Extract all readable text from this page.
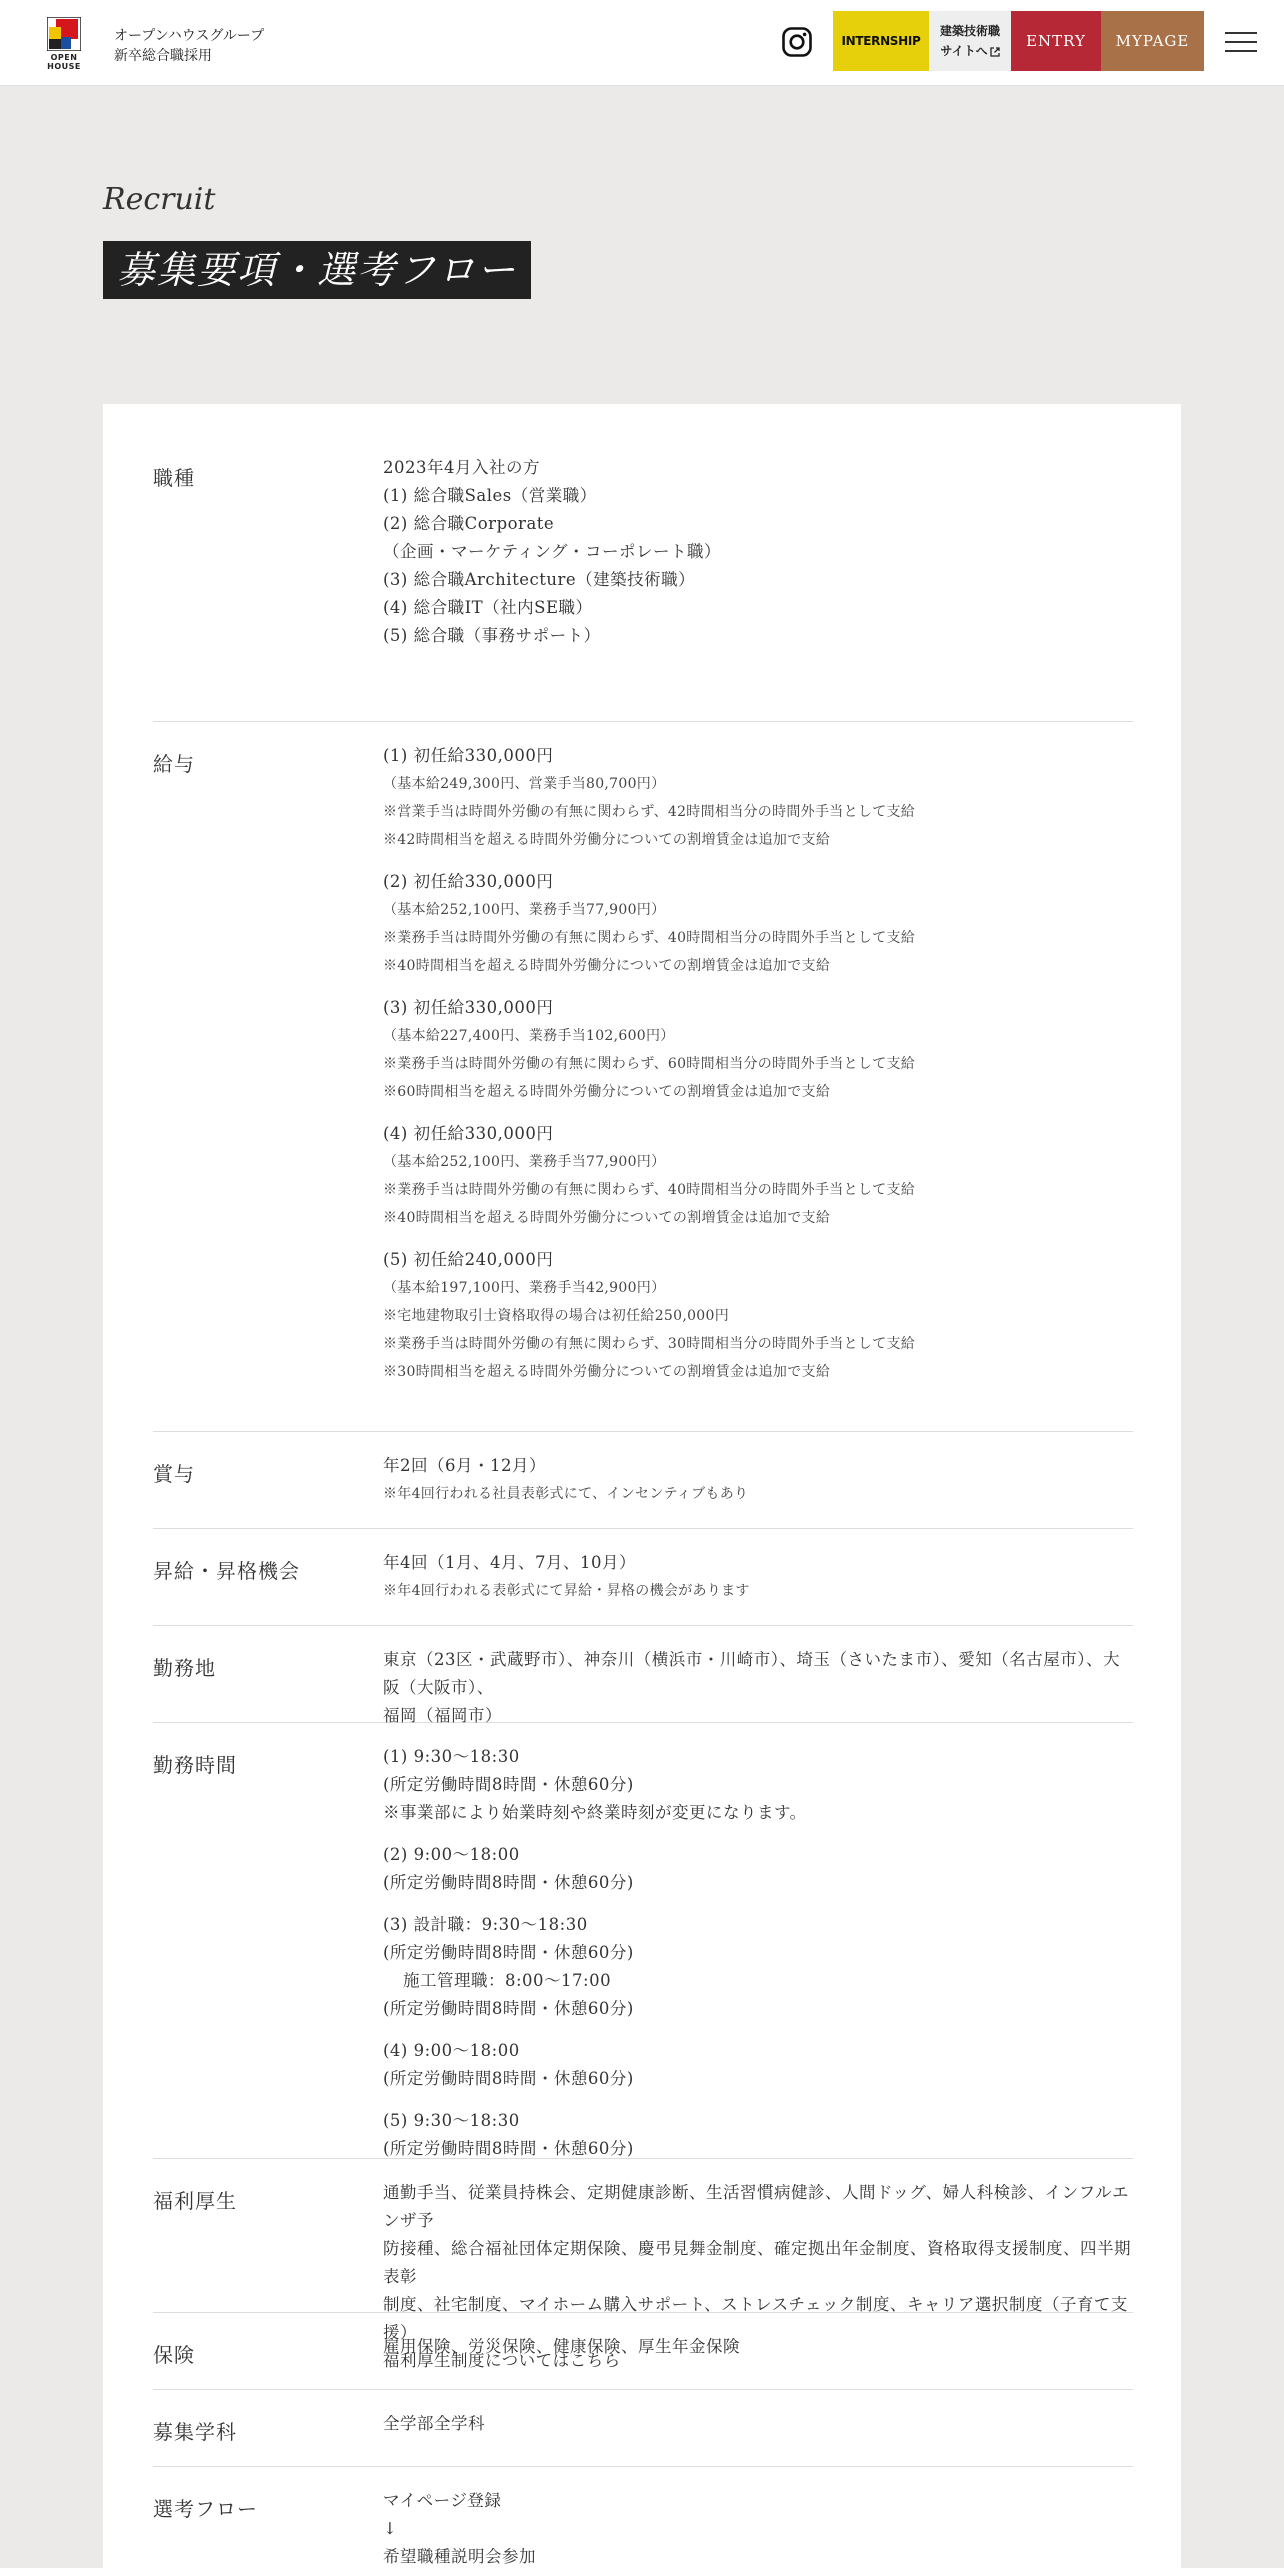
OPEN
HOUSE
オープンハウスグループ
新卒総合職採用
INTERNSHIP
建築技術職
サイトへ
ENTRY	MYPAGE
Recruit
募集要項・選考フロー
職種	2023年4月入社の方
(1) 総合職Sales（営業職）
(2) 総合職Corporate
（企画・マーケティング・コーポレート職）
(3) 総合職Architecture（建築技術職）
(4) 総合職IT（社内SE職）
(5) 総合職（事務サポート）
給与	(1) 初任給330,000円
（基本給249,300円、営業手当80,700円）
※営業手当は時間外労働の有無に関わらず、42時間相当分の時間外手当として支給
※42時間相当を超える時間外労働分についての割増賃金は追加で支給
(2) 初任給330,000円
（基本給252,100円、業務手当77,900円）
※業務手当は時間外労働の有無に関わらず、40時間相当分の時間外手当として支給
※40時間相当を超える時間外労働分についての割増賃金は追加で支給
(3) 初任給330,000円
（基本給227,400円、業務手当102,600円）
※業務手当は時間外労働の有無に関わらず、60時間相当分の時間外手当として支給
※60時間相当を超える時間外労働分についての割増賃金は追加で支給
(4) 初任給330,000円
（基本給252,100円、業務手当77,900円）
※業務手当は時間外労働の有無に関わらず、40時間相当分の時間外手当として支給
※40時間相当を超える時間外労働分についての割増賃金は追加で支給
(5) 初任給240,000円
（基本給197,100円、業務手当42,900円）
※宅地建物取引士資格取得の場合は初任給250,000円
※業務手当は時間外労働の有無に関わらず、30時間相当分の時間外手当として支給
※30時間相当を超える時間外労働分についての割増賃金は追加で支給
賞与	年2回（6月・12月）
※年4回行われる社員表彰式にて、インセンティブもあり
昇給・昇格機会	年4回（1月、4月、7月、10月）
※年4回行われる表彰式にて昇給・昇格の機会があります
勤務地	東京（23区・武蔵野市）、神奈川（横浜市・川崎市）、埼玉（さいたま市）、愛知（名古屋市）、大阪（大阪市）、
福岡（福岡市）
勤務時間	(1) 9:30～18:30
(所定労働時間8時間・休憩60分)
※事業部により始業時刻や終業時刻が変更になります。
(2) 9:00～18:00
(所定労働時間8時間・休憩60分)
(3) 設計職：9:30～18:30
(所定労働時間8時間・休憩60分)
施工管理職：8:00～17:00
(所定労働時間8時間・休憩60分)
(4) 9:00～18:00
(所定労働時間8時間・休憩60分)
(5) 9:30～18:30
(所定労働時間8時間・休憩60分)
福利厚生	通勤手当、従業員持株会、定期健康診断、生活習慣病健診、人間ドッグ、婦人科検診、インフルエンザ予
防接種、総合福祉団体定期保険、慶弔見舞金制度、確定拠出年金制度、資格取得支援制度、四半期表彰
制度、社宅制度、マイホーム購入サポート、ストレスチェック制度、キャリア選択制度（子育て支援）
福利厚生制度についてはこちら
保険	雇用保険、労災保険、健康保険、厚生年金保険
募集学科	全学部全学科
選考フロー	マイページ登録
↓
希望職種説明会参加
